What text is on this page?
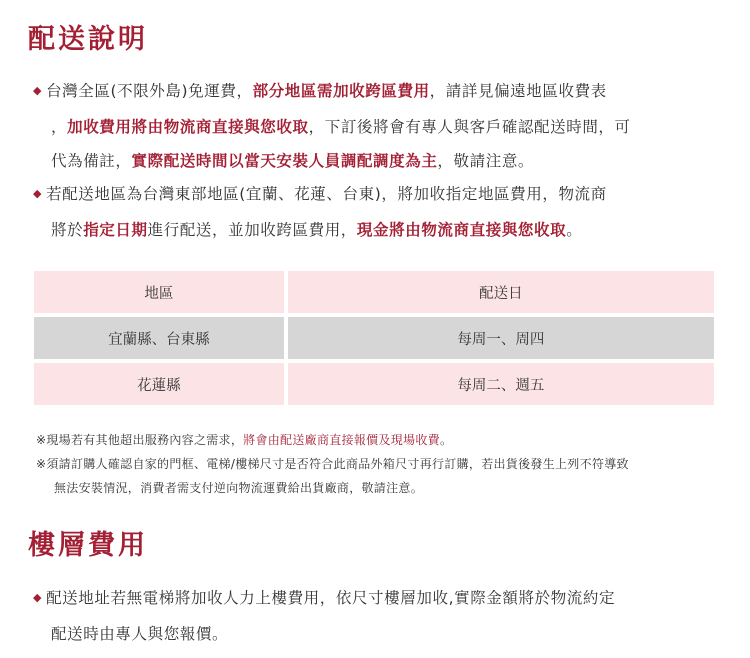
配送說明
◆ 台灣全區(不限外島)免運費，部分地區需加收跨區費用，請詳見偏遠地區收費表
，加收費用將由物流商直接與您收取，下訂後將會有專人與客戶確認配送時間，可
代為備註，實際配送時間以當天安裝人員調配調度為主，敬請注意。
◆ 若配送地區為台灣東部地區(宜蘭、花蓮、台東)，將加收指定地區費用，物流商
將於指定日期進行配送，並加收跨區費用，現金將由物流商直接與您收取。
地區	配送日
宜蘭縣、台東縣	每周一、周四
花蓮縣	每周二、週五
※現場若有其他超出服務內容之需求，將會由配送廠商直接報價及現場收費。
※須請訂購人確認自家的門框、電梯/樓梯尺寸是否符合此商品外箱尺寸再行訂購，若出貨後發生上列不符導致
無法安裝情況，消費者需支付逆向物流運費給出貨廠商，敬請注意。
樓層費用
◆ 配送地址若無電梯將加收人力上樓費用，依尺寸樓層加收,實際金額將於物流約定
配送時由專人與您報價。
